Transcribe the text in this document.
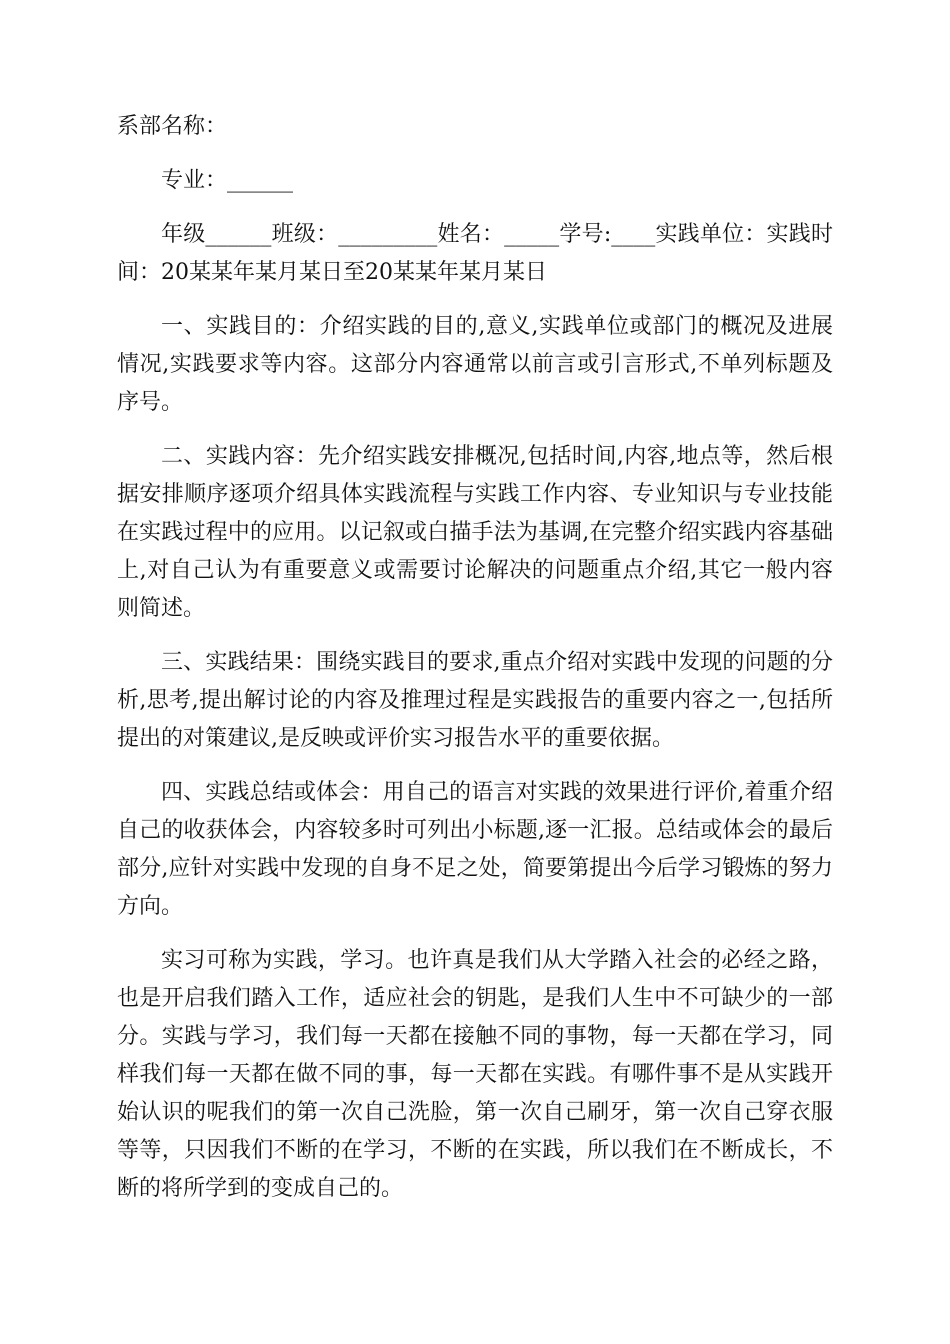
系部名称：
专业：______

年级______班级：_________姓名：_____学号:____实践单位：实践时间：20某某年某月某日至20某某年某月某日

一、实践目的：介绍实践的目的,意义,实践单位或部门的概况及进展情况,实践要求等内容。这部分内容通常以前言或引言形式,不单列标题及序号。

二、实践内容：先介绍实践安排概况,包括时间,内容,地点等，然后根据安排顺序逐项介绍具体实践流程与实践工作内容、专业知识与专业技能在实践过程中的应用。以记叙或白描手法为基调,在完整介绍实践内容基础上,对自己认为有重要意义或需要讨论解决的问题重点介绍,其它一般内容则简述。

三、实践结果：围绕实践目的要求,重点介绍对实践中发现的问题的分析,思考,提出解讨论的内容及推理过程是实践报告的重要内容之一,包括所提出的对策建议,是反映或评价实习报告水平的重要依据。

四、实践总结或体会：用自己的语言对实践的效果进行评价,着重介绍自己的收获体会，内容较多时可列出小标题,逐一汇报。总结或体会的最后部分,应针对实践中发现的自身不足之处，简要第提出今后学习锻炼的努力方向。

实习可称为实践，学习。也许真是我们从大学踏入社会的必经之路，也是开启我们踏入工作，适应社会的钥匙，是我们人生中不可缺少的一部分。实践与学习，我们每一天都在接触不同的事物，每一天都在学习，同样我们每一天都在做不同的事，每一天都在实践。有哪件事不是从实践开始认识的呢我们的第一次自己洗脸，第一次自己刷牙，第一次自己穿衣服等等，只因我们不断的在学习，不断的在实践，所以我们在不断成长，不断的将所学到的变成自己的。
